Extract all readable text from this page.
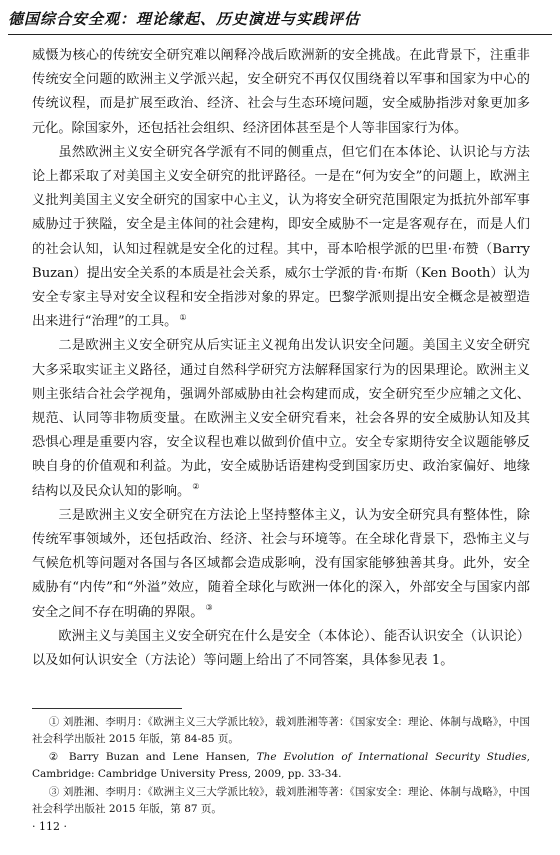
德国综合安全观：理论缘起、历史演进与实践评估

威慑为核心的传统安全研究难以阐释冷战后欧洲新的安全挑战。在此背景下，注重非传统安全问题的欧洲主义学派兴起，安全研究不再仅仅围绕着以军事和国家为中心的传统议程，而是扩展至政治、经济、社会与生态环境问题，安全威胁指涉对象更加多元化。除国家外，还包括社会组织、经济团体甚至是个人等非国家行为体。

虽然欧洲主义安全研究各学派有不同的侧重点，但它们在本体论、认识论与方法论上都采取了对美国主义安全研究的批评路径。一是在“何为安全”的问题上，欧洲主义批判美国主义安全研究的国家中心主义，认为将安全研究范围限定为抵抗外部军事威胁过于狭隘，安全是主体间的社会建构，即安全威胁不一定是客观存在，而是人们的社会认知，认知过程就是安全化的过程。其中，哥本哈根学派的巴里·布赞（Barry Buzan）提出安全关系的本质是社会关系，威尔士学派的肯·布斯（Ken Booth）认为安全专家主导对安全议程和安全指涉对象的界定。巴黎学派则提出安全概念是被塑造出来进行“治理”的工具。 ①

二是欧洲主义安全研究从后实证主义视角出发认识安全问题。美国主义安全研究大多采取实证主义路径，通过自然科学研究方法解释国家行为的因果理论。欧洲主义则主张结合社会学视角，强调外部威胁由社会构建而成，安全研究至少应辅之文化、规范、认同等非物质变量。在欧洲主义安全研究看来，社会各界的安全威胁认知及其恐惧心理是重要内容，安全议程也难以做到价值中立。安全专家期待安全议题能够反映自身的价值观和利益。为此，安全威胁话语建构受到国家历史、政治家偏好、地缘结构以及民众认知的影响。 ②

三是欧洲主义安全研究在方法论上坚持整体主义，认为安全研究具有整体性，除传统军事领域外，还包括政治、经济、社会与环境等。在全球化背景下，恐怖主义与气候危机等问题对各国与各区域都会造成影响，没有国家能够独善其身。此外，安全威胁有“内传”和“外溢”效应，随着全球化与欧洲一体化的深入，外部安全与国家内部安全之间不存在明确的界限。 ③

欧洲主义与美国主义安全研究在什么是安全（本体论）、能否认识安全（认识论）以及如何认识安全（方法论）等问题上给出了不同答案，具体参见表 1。

① 刘胜湘、李明月：《欧洲主义三大学派比较》，载刘胜湘等著：《国家安全：理论、体制与战略》，中国社会科学出版社 2015 年版，第 84-85 页。

② Barry Buzan and Lene Hansen, The Evolution of International Security Studies, Cambridge: Cambridge University Press, 2009, pp. 33-34.

③ 刘胜湘、李明月：《欧洲主义三大学派比较》，载刘胜湘等著：《国家安全：理论、体制与战略》，中国社会科学出版社 2015 年版，第 87 页。

· 112 ·
